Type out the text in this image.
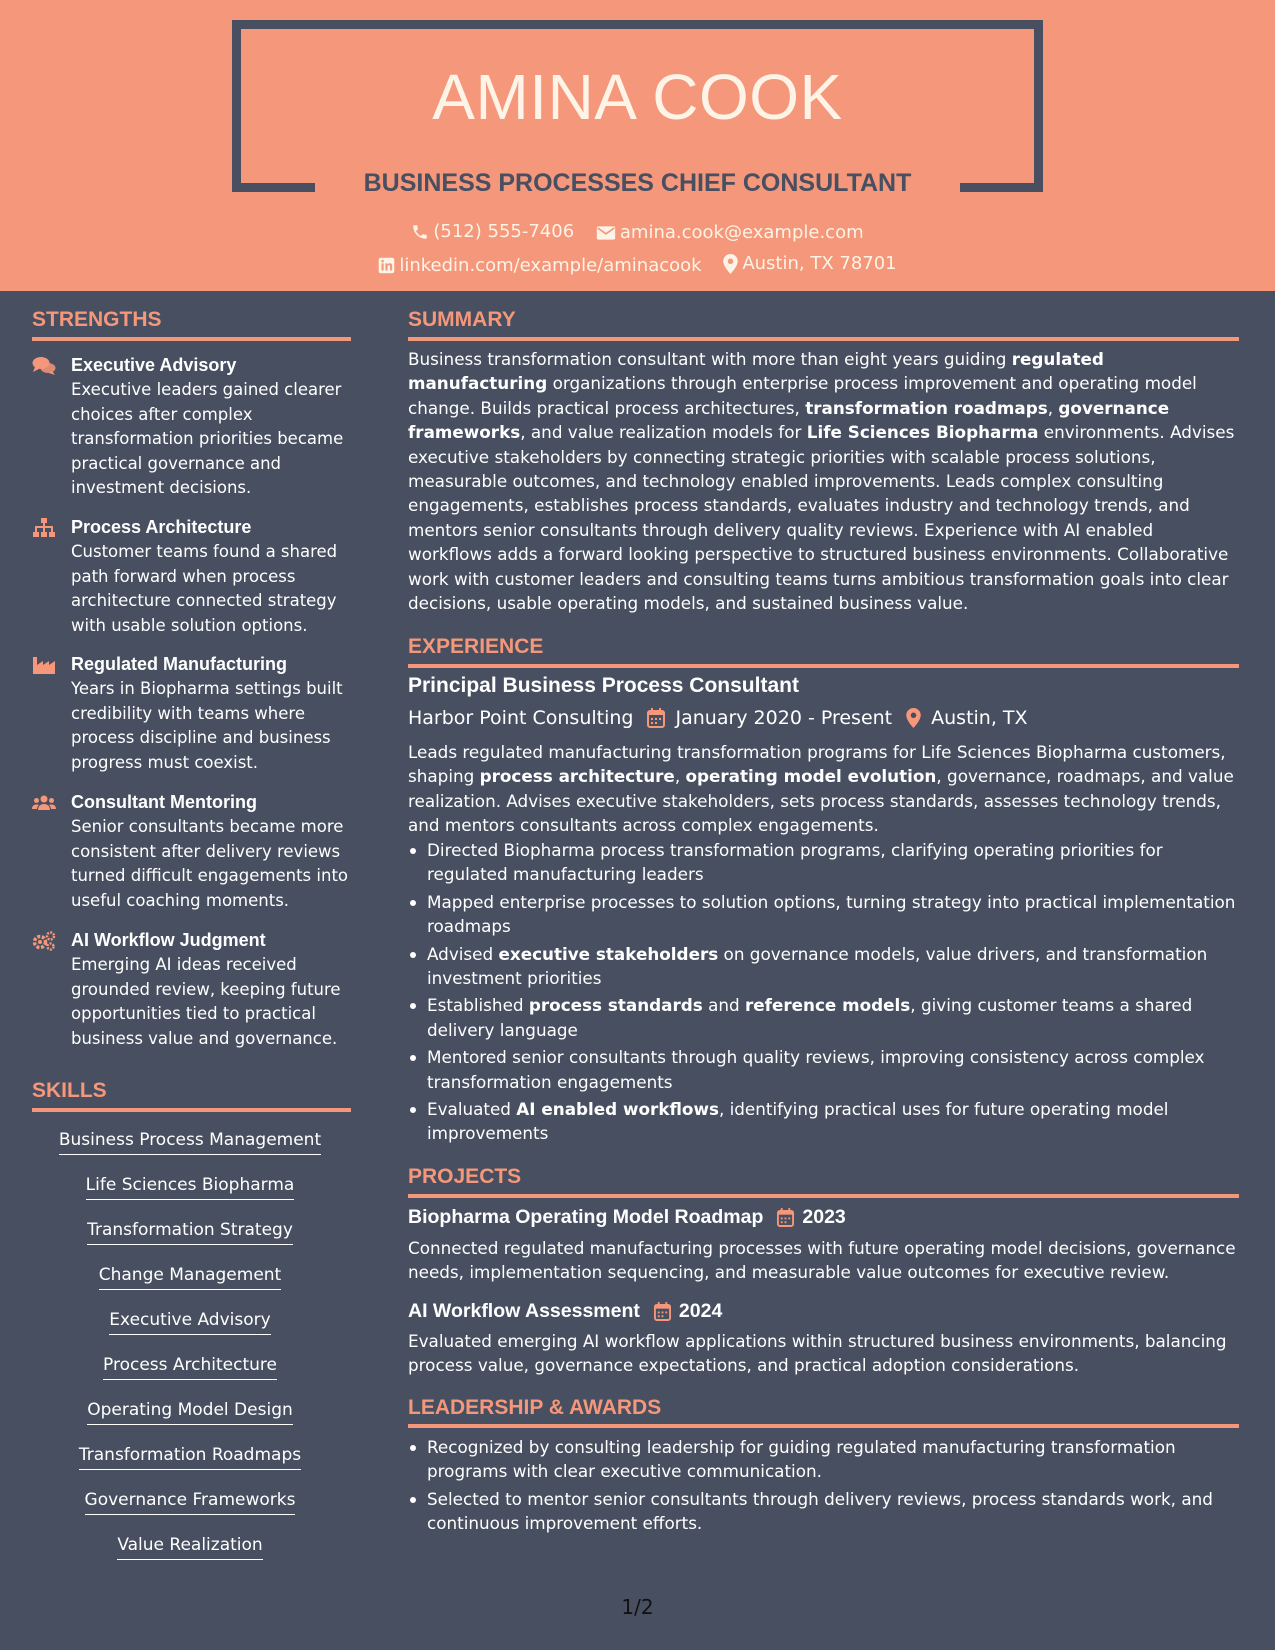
AMINA COOK
BUSINESS PROCESSES CHIEF CONSULTANT
(512) 555-7406
	amina.cook@example.com
linkedin.com/example/aminacook
Austin, TX 78701
STRENGTHS
Executive Advisory
Executive leaders gained clearer choices after complex transformation priorities became practical governance and investment decisions.
Process Architecture
Customer teams found a shared path forward when process architecture connected strategy with usable solution options.
Regulated Manufacturing
Years in Biopharma settings built credibility with teams where process discipline and business progress must coexist.
Consultant Mentoring
Senior consultants became more consistent after delivery reviews turned difficult engagements into useful coaching moments.
AI Workflow Judgment
Emerging AI ideas received grounded review, keeping future opportunities tied to practical business value and governance.
SKILLS
Business Process Management
Life Sciences Biopharma
Transformation Strategy
Change Management
Executive Advisory
Process Architecture
Operating Model Design
Transformation Roadmaps
Governance Frameworks
Value Realization
SUMMARY
Business transformation consultant with more than eight years guiding regulated manufacturing organizations through enterprise process improvement and operating model change. Builds practical process architectures, transformation roadmaps, governance frameworks, and value realization models for Life Sciences Biopharma environments. Advises executive stakeholders by connecting strategic priorities with scalable process solutions, measurable outcomes, and technology enabled improvements. Leads complex consulting engagements, establishes process standards, evaluates industry and technology trends, and mentors senior consultants through delivery quality reviews. Experience with AI enabled workflows adds a forward looking perspective to structured business environments. Collaborative work with customer leaders and consulting teams turns ambitious transformation goals into clear decisions, usable operating models, and sustained business value.
EXPERIENCE
Principal Business Process Consultant
Harbor Point Consulting January 2020 - Present Austin, TX
Leads regulated manufacturing transformation programs for Life Sciences Biopharma customers, shaping process architecture, operating model evolution, governance, roadmaps, and value realization. Advises executive stakeholders, sets process standards, assesses technology trends, and mentors consultants across complex engagements.
Directed Biopharma process transformation programs, clarifying operating priorities for regulated manufacturing leaders
Mapped enterprise processes to solution options, turning strategy into practical implementation roadmaps
Advised executive stakeholders on governance models, value drivers, and transformation investment priorities
Established process standards and reference models, giving customer teams a shared delivery language
Mentored senior consultants through quality reviews, improving consistency across complex transformation engagements
Evaluated AI enabled workflows, identifying practical uses for future operating model improvements
PROJECTS
Biopharma Operating Model Roadmap 2023
Connected regulated manufacturing processes with future operating model decisions, governance needs, implementation sequencing, and measurable value outcomes for executive review.
AI Workflow Assessment 2024
Evaluated emerging AI workflow applications within structured business environments, balancing process value, governance expectations, and practical adoption considerations.
LEADERSHIP & AWARDS
Recognized by consulting leadership for guiding regulated manufacturing transformation programs with clear executive communication.
Selected to mentor senior consultants through delivery reviews, process standards work, and continuous improvement efforts.
1/2
